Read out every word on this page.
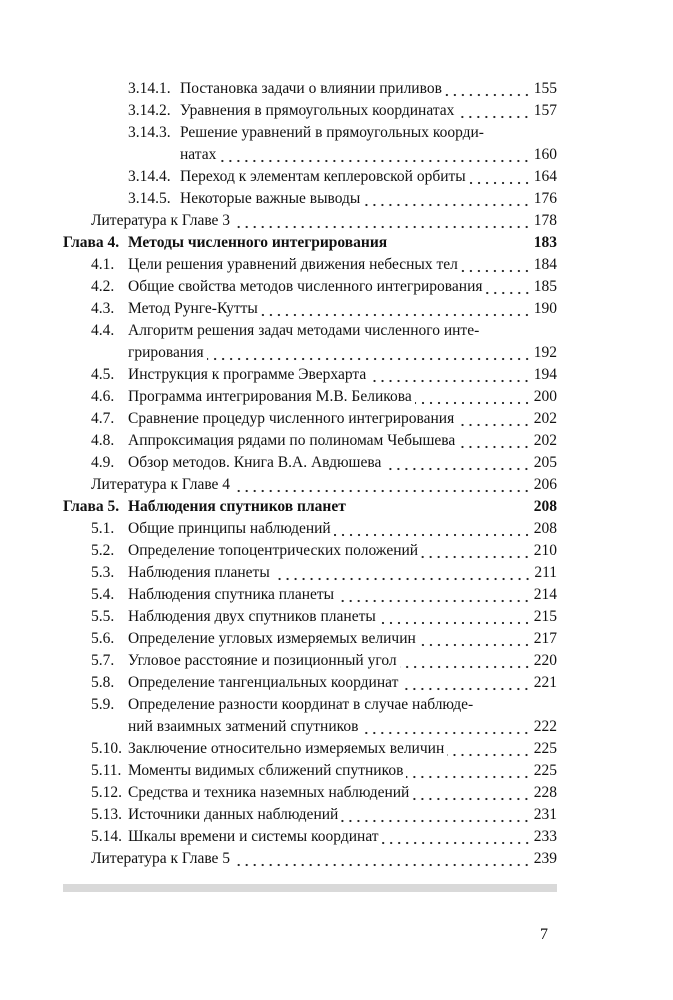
3.14.1. Постановка задачи о влиянии приливов	155
3.14.2. Уравнения в прямоугольных координатах	157
3.14.3. Решение уравнений в прямоугольных коорди-
натах	160
3.14.4. Переход к элементам кеплеровской орбиты	164
3.14.5. Некоторые важные выводы	176
Литература к Главе 3	178
Глава 4. Методы численного интегрирования	183
4.1. Цели решения уравнений движения небесных тел	184
4.2. Общие свойства методов численного интегрирования	185
4.3. Метод Рунге-Кутты	190
4.4. Алгоритм решения задач методами численного инте-
грирования	192
4.5. Инструкция к программе Эверхарта	194
4.6. Программа интегрирования М.В. Беликова	200
4.7. Сравнение процедур численного интегрирования	202
4.8. Аппроксимация рядами по полиномам Чебышева	202
4.9. Обзор методов. Книга В.А. Авдюшева	205
Литература к Главе 4	206
Глава 5. Наблюдения спутников планет	208
5.1. Общие принципы наблюдений	208
5.2. Определение топоцентрических положений	210
5.3. Наблюдения планеты	211
5.4. Наблюдения спутника планеты	214
5.5. Наблюдения двух спутников планеты	215
5.6. Определение угловых измеряемых величин	217
5.7. Угловое расстояние и позиционный угол	220
5.8. Определение тангенциальных координат	221
5.9. Определение разности координат в случае наблюде-
ний взаимных затмений спутников	222
5.10. Заключение относительно измеряемых величин	225
5.11. Моменты видимых сближений спутников	225
5.12. Средства и техника наземных наблюдений	228
5.13. Источники данных наблюдений	231
5.14. Шкалы времени и системы координат	233
Литература к Главе 5	239
7
